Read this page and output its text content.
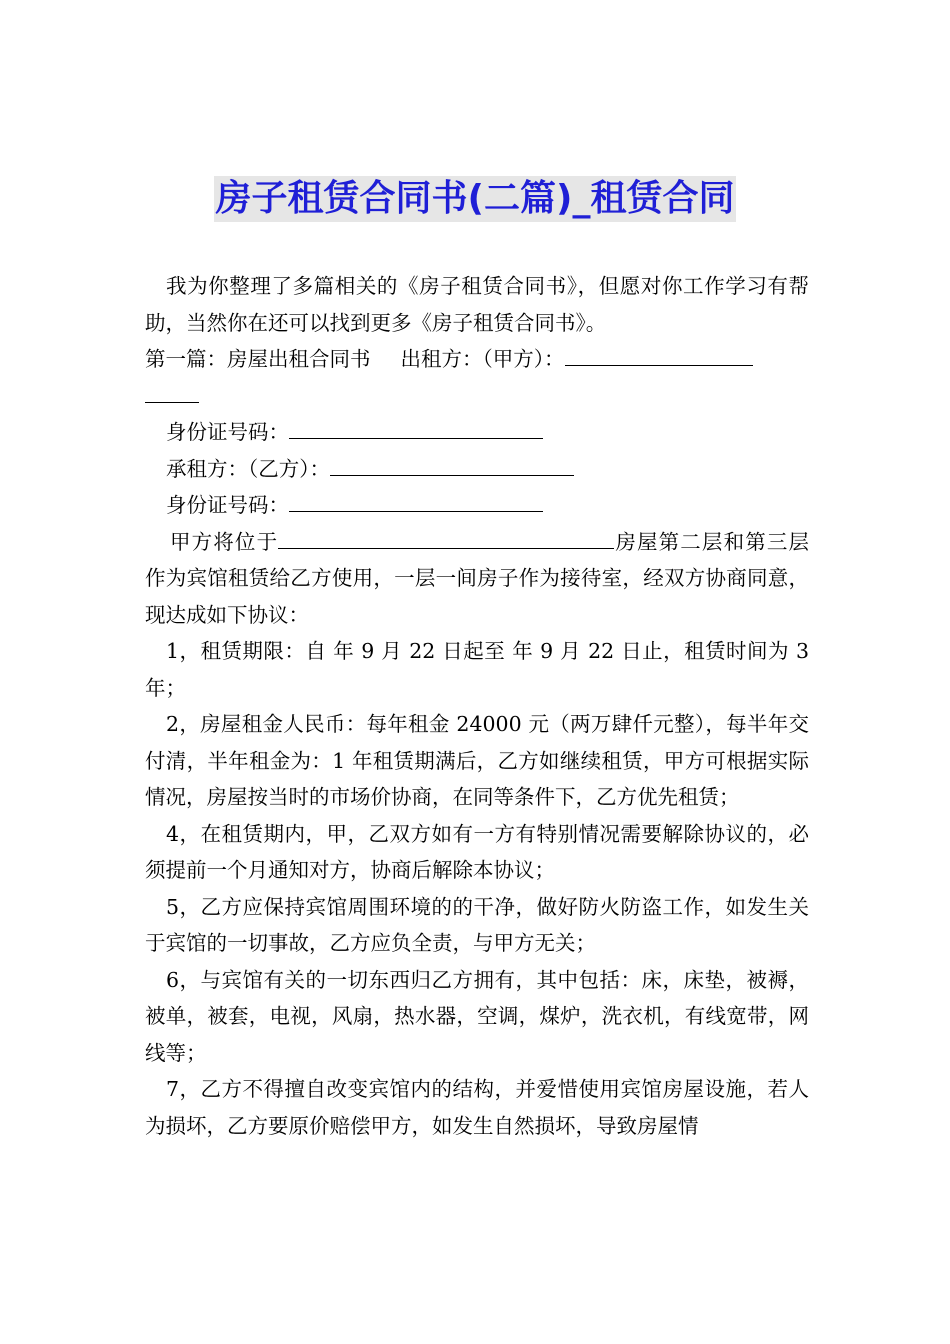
房子租赁合同书(二篇)_租赁合同

我为你整理了多篇相关的《房子租赁合同书》，但愿对你工作学习有帮助，当然你在还可以找到更多《房子租赁合同书》。

第一篇：房屋出租合同书 出租方：（甲方）：

身份证号码：

承租方：（乙方）：

身份证号码：

甲方将位于	房屋第二层和第三层作为宾馆租赁给乙方使用，一层一间房子作为接待室，经双方协商同意，现达成如下协议：

1，租赁期限：自 年 9 月 22 日起至 年 9 月 22 日止，租赁时间为 3 年；

2，房屋租金人民币：每年租金 24000 元（两万肆仟元整），每半年交付清，半年租金为：1 年租赁期满后，乙方如继续租赁，甲方可根据实际情况，房屋按当时的市场价协商，在同等条件下，乙方优先租赁；

4，在租赁期内，甲，乙双方如有一方有特别情况需要解除协议的，必须提前一个月通知对方，协商后解除本协议；

5，乙方应保持宾馆周围环境的的干净，做好防火防盗工作，如发生关于宾馆的一切事故，乙方应负全责，与甲方无关；

6，与宾馆有关的一切东西归乙方拥有，其中包括：床，床垫，被褥，被单，被套，电视，风扇，热水器，空调，煤炉，洗衣机，有线宽带，网线等；

7，乙方不得擅自改变宾馆内的结构，并爱惜使用宾馆房屋设施，若人为损坏，乙方要原价赔偿甲方，如发生自然损坏，导致房屋情
